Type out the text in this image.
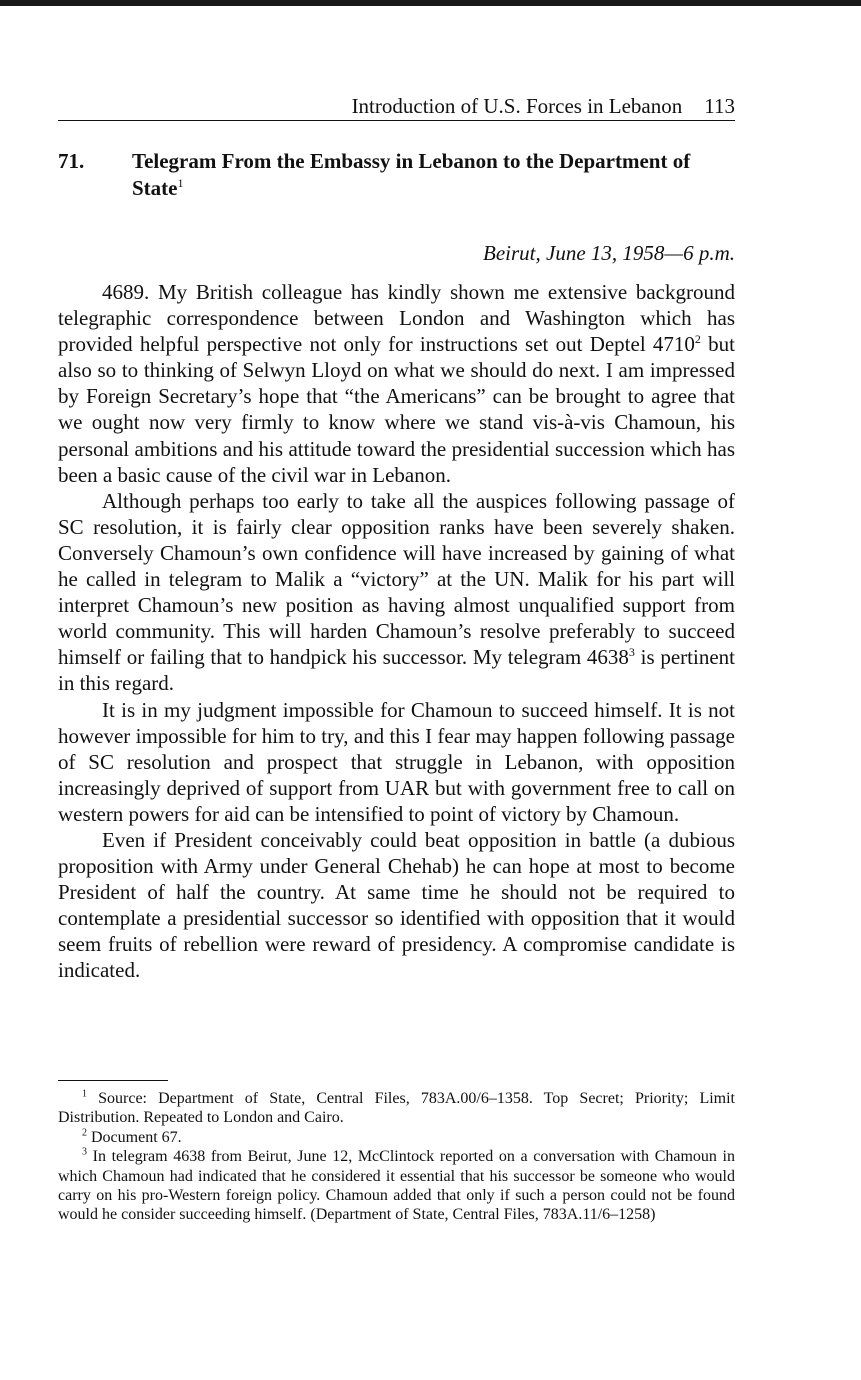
Introduction of U.S. Forces in Lebanon 113
71. Telegram From the Embassy in Lebanon to the Department of State$^1$
Beirut, June 13, 1958—6 p.m.

4689. My British colleague has kindly shown me extensive background telegraphic correspondence between London and Washington which has provided helpful perspective not only for instructions set out Deptel 4710$^2$ but also so to thinking of Selwyn Lloyd on what we should do next. I am impressed by Foreign Secretary’s hope that “the Americans” can be brought to agree that we ought now very firmly to know where we stand vis-à-vis Chamoun, his personal ambitions and his attitude toward the presidential succession which has been a basic cause of the civil war in Lebanon.

Although perhaps too early to take all the auspices following passage of SC resolution, it is fairly clear opposition ranks have been severely shaken. Conversely Chamoun’s own confidence will have increased by gaining of what he called in telegram to Malik a “victory” at the UN. Malik for his part will interpret Chamoun’s new position as having almost unqualified support from world community. This will harden Chamoun’s resolve preferably to succeed himself or failing that to handpick his successor. My telegram 4638$^3$ is pertinent in this regard.

It is in my judgment impossible for Chamoun to succeed himself. It is not however impossible for him to try, and this I fear may happen following passage of SC resolution and prospect that struggle in Lebanon, with opposition increasingly deprived of support from UAR but with government free to call on western powers for aid can be intensified to point of victory by Chamoun.

Even if President conceivably could beat opposition in battle (a dubious proposition with Army under General Chehab) he can hope at most to become President of half the country. At same time he should not be required to contemplate a presidential successor so identified with opposition that it would seem fruits of rebellion were reward of presidency. A compromise candidate is indicated.

$^1$ Source: Department of State, Central Files, 783A.00/6–1358. Top Secret; Priority; Limit Distribution. Repeated to London and Cairo.

$^2$ Document 67.

$^3$ In telegram 4638 from Beirut, June 12, McClintock reported on a conversation with Chamoun in which Chamoun had indicated that he considered it essential that his successor be someone who would carry on his pro-Western foreign policy. Chamoun added that only if such a person could not be found would he consider succeeding himself. (Department of State, Central Files, 783A.11/6–1258)
